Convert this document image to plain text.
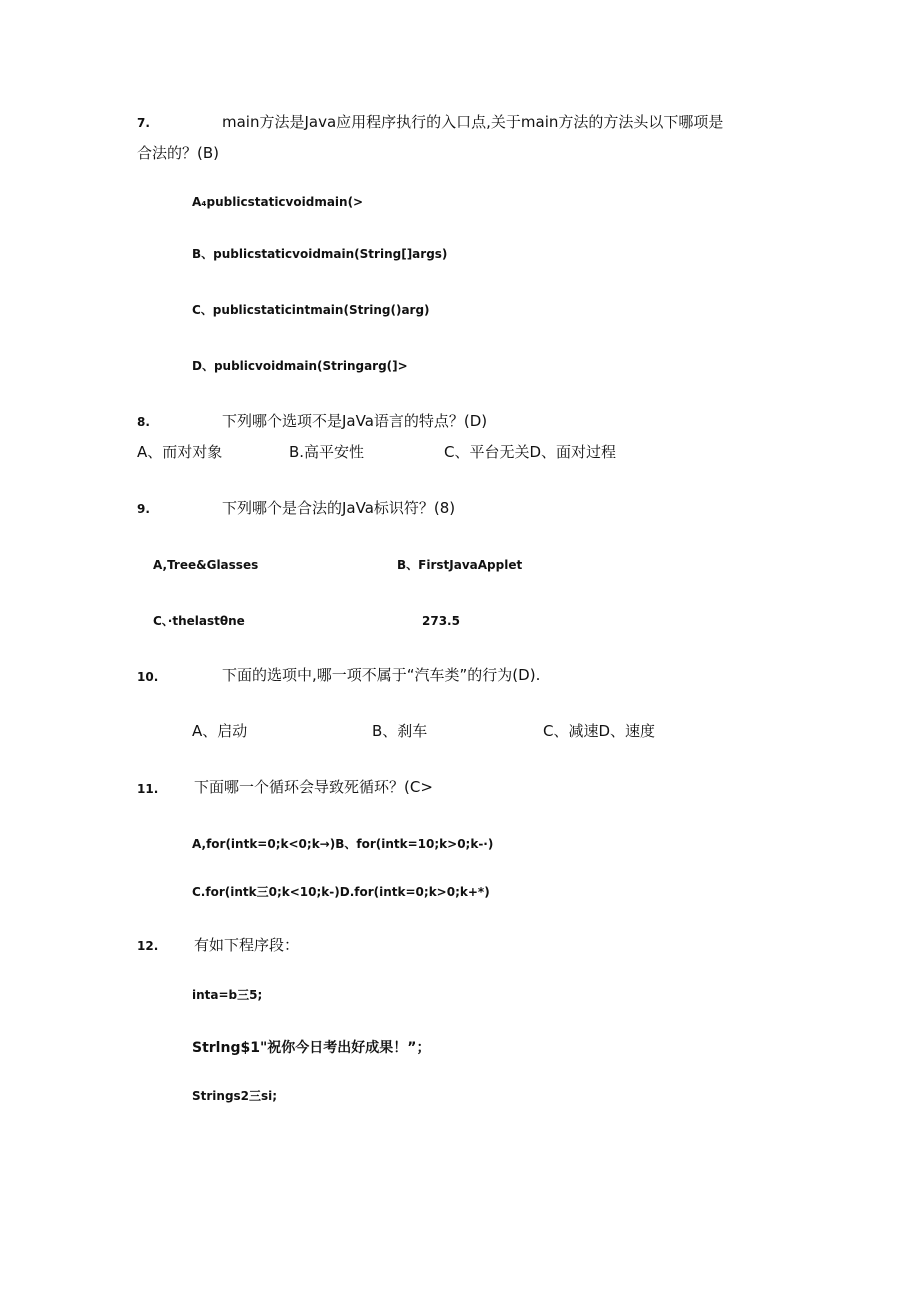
7.	main方法是Java应用程序执行的入口点,关于main方法的方法头以下哪项是
合法的？(B)
A₄publicstaticvoidmain(>
B、publicstaticvoidmain(String[]args)
C、publicstaticintmain(String()arg)
D、publicvoidmain(Stringarg(]>
8.	下列哪个选项不是JaVa语言的特点？(D)
A、而对对象	B.高平安性	C、平台无关D、面对过程
9.	下列哪个是合法的JaVa标识符？(8)
A,Tree&Glasses	B、FirstJavaApplet
C、·thelastθne	273.5
10.	下面的选项中,哪一项不属于“汽车类”的行为(D).
A、启动	B、刹车	C、减速D、速度
11. 下面哪一个循环会导致死循环？(C>
A,for(intk=0;k<0;k→)B、for(intk=10;k>0;k-·)
C.for(intk三0;k<10;k-)D.for(intk=0;k>0;k+*)
12. 有如下程序段：
inta=b三5;
Strlng$1"祝你今日考出好成果！”；
Strings2三si;
